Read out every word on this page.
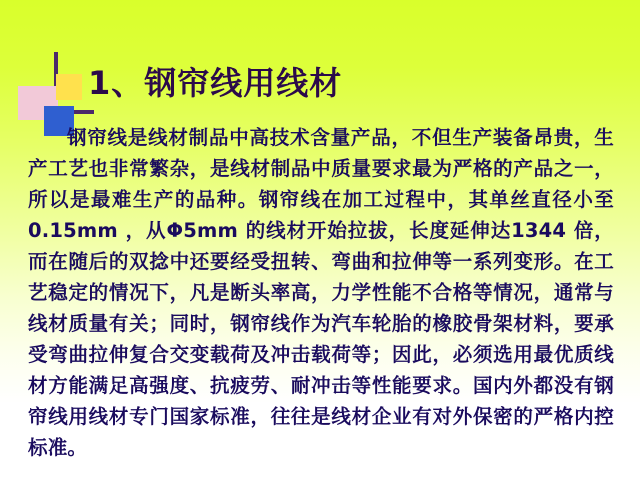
1、钢帘线用线材
钢帘线是线材制品中高技术含量产品，不但生产装备昂贵，生产工艺也非常繁杂，是线材制品中质量要求最为严格的产品之一，所以是最难生产的品种。钢帘线在加工过程中，其单丝直径小至0.15mm ，从Φ5mm 的线材开始拉拔，长度延伸达1344 倍，而在随后的双捻中还要经受扭转、弯曲和拉伸等一系列变形。在工艺稳定的情况下，凡是断头率高，力学性能不合格等情况，通常与线材质量有关；同时，钢帘线作为汽车轮胎的橡胶骨架材料，要承受弯曲拉伸复合交变载荷及冲击载荷等；因此，必须选用最优质线材方能满足高强度、抗疲劳、耐冲击等性能要求。国内外都没有钢帘线用线材专门国家标准，往往是线材企业有对外保密的严格内控标准。
